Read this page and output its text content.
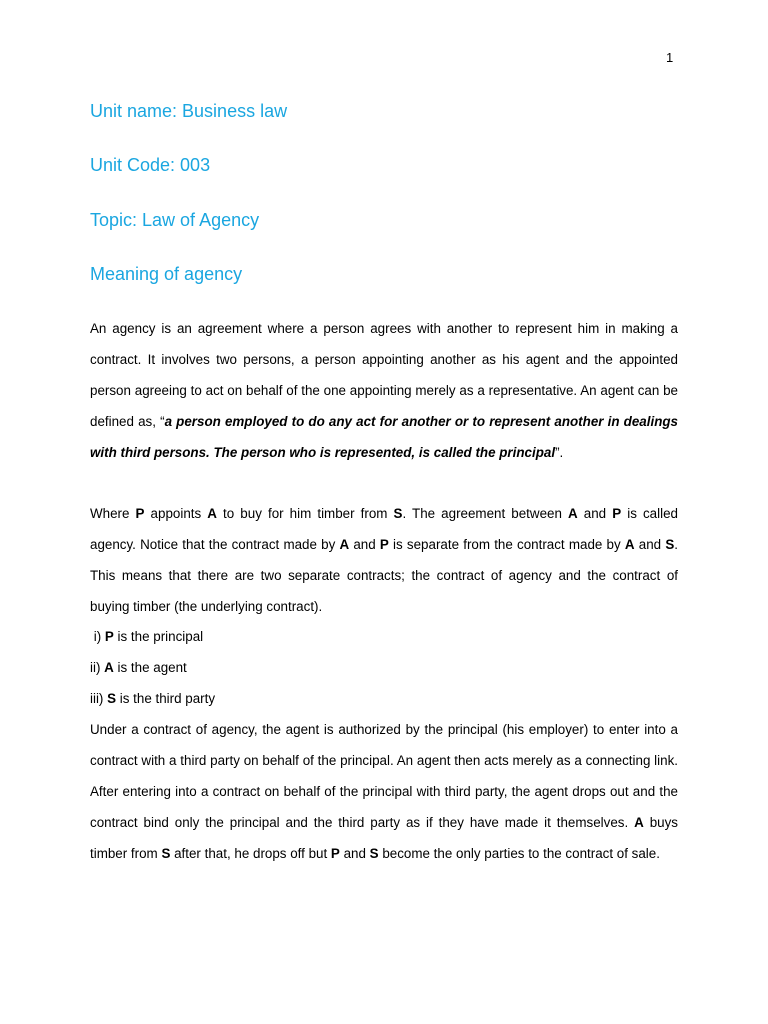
1
Unit name: Business law
Unit Code: 003
Topic: Law of Agency
Meaning of agency

An agency is an agreement where a person agrees with another to represent him in making a contract. It involves two persons, a person appointing another as his agent and the appointed person agreeing to act on behalf of the one appointing merely as a representative. An agent can be defined as, “a person employed to do any act for another or to represent another in dealings with third persons. The person who is represented, is called the principal”.

Where P appoints A to buy for him timber from S. The agreement between A and P is called agency. Notice that the contract made by A and P is separate from the contract made by A and S. This means that there are two separate contracts; the contract of agency and the contract of buying timber (the underlying contract).

i) P is the principal
ii) A is the agent
iii) S is the third party

Under a contract of agency, the agent is authorized by the principal (his employer) to enter into a contract with a third party on behalf of the principal. An agent then acts merely as a connecting link. After entering into a contract on behalf of the principal with third party, the agent drops out and the contract bind only the principal and the third party as if they have made it themselves. A buys timber from S after that, he drops off but P and S become the only parties to the contract of sale.
